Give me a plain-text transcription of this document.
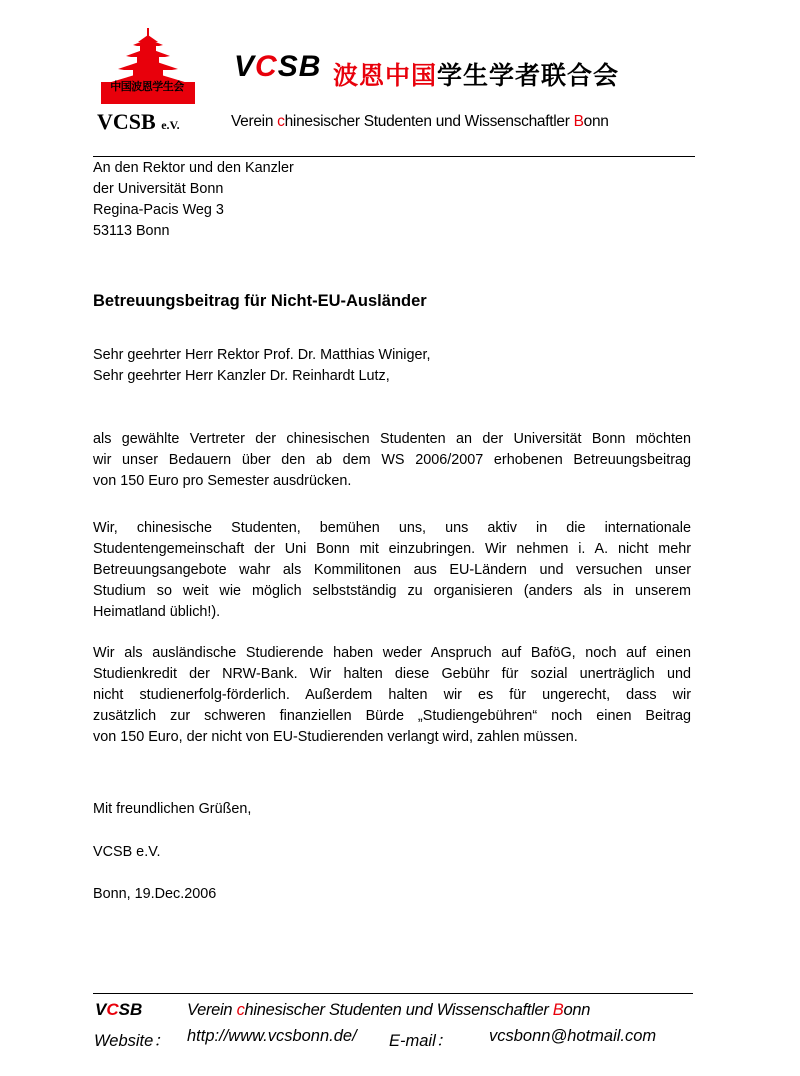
中国波恩学生会
VCSB e.V.
VCSB 波恩中国学生学者联合会
Verein chinesischer Studenten und Wissenschaftler Bonn
An den Rektor und den Kanzler
der Universität Bonn
Regina-Pacis Weg 3
53113 Bonn
Betreuungsbeitrag für Nicht-EU-Ausländer
Sehr geehrter Herr Rektor Prof. Dr. Matthias Winiger,
Sehr geehrter Herr Kanzler Dr. Reinhardt Lutz,
als gewählte Vertreter der chinesischen Studenten an der Universität Bonn möchten
wir unser Bedauern über den ab dem WS 2006/2007 erhobenen Betreuungsbeitrag
von 150 Euro pro Semester ausdrücken.
Wir, chinesische Studenten, bemühen uns, uns aktiv in die internationale
Studentengemeinschaft der Uni Bonn mit einzubringen. Wir nehmen i. A. nicht mehr
Betreuungsangebote wahr als Kommilitonen aus EU-Ländern und versuchen unser
Studium so weit wie möglich selbstständig zu organisieren (anders als in unserem
Heimatland üblich!).
Wir als ausländische Studierende haben weder Anspruch auf BaföG, noch auf einen
Studienkredit der NRW-Bank. Wir halten diese Gebühr für sozial unerträglich und
nicht studienerfolg-förderlich. Außerdem halten wir es für ungerecht, dass wir
zusätzlich zur schweren finanziellen Bürde „Studiengebühren“ noch einen Beitrag
von 150 Euro, der nicht von EU-Studierenden verlangt wird, zahlen müssen.
Mit freundlichen Grüßen,
VCSB e.V.
Bonn, 19.Dec.2006
VCSB	Verein chinesischer Studenten und Wissenschaftler Bonn
Website： http://www.vcsbonn.de/ E-mail： vcsbonn@hotmail.com
